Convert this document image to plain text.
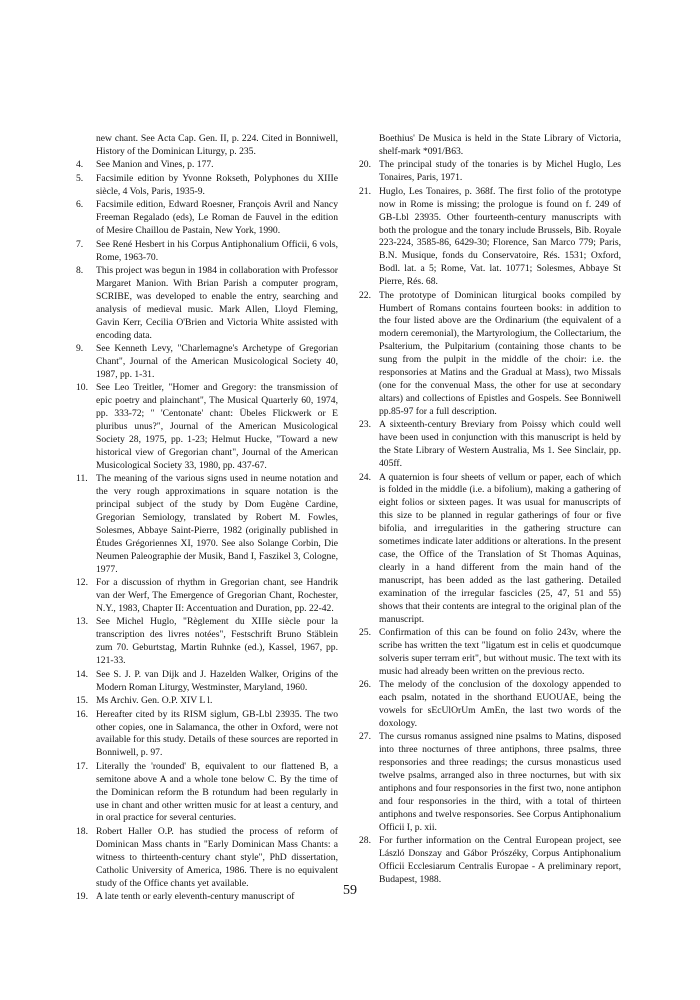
new chant. See Acta Cap. Gen. II, p. 224. Cited in Bonniwell, History of the Dominican Liturgy, p. 235.

4.	See Manion and Vines, p. 177.

5.	Facsimile edition by Yvonne Rokseth, Polyphones du XIIIe siècle, 4 Vols, Paris, 1935-9.

6.	Facsimile edition, Edward Roesner, François Avril and Nancy Freeman Regalado (eds), Le Roman de Fauvel in the edition of Mesire Chaillou de Pastain, New York, 1990.

7.	See René Hesbert in his Corpus Antiphonalium Officii, 6 vols, Rome, 1963-70.

8.	This project was begun in 1984 in collaboration with Professor Margaret Manion. With Brian Parish a computer program, SCRIBE, was developed to enable the entry, searching and analysis of medieval music. Mark Allen, Lloyd Fleming, Gavin Kerr, Cecilia O'Brien and Victoria White assisted with encoding data.

9.	See Kenneth Levy, "Charlemagne's Archetype of Gregorian Chant", Journal of the American Musicological Society 40, 1987, pp. 1-31.

10. See Leo Treitler, "Homer and Gregory: the transmission of epic poetry and plainchant", The Musical Quarterly 60, 1974, pp. 333-72; " 'Centonate' chant: Übeles Flickwerk or E pluribus unus?", Journal of the American Musicological Society 28, 1975, pp. 1-23; Helmut Hucke, "Toward a new historical view of Gregorian chant", Journal of the American Musicological Society 33, 1980, pp. 437-67.

11. The meaning of the various signs used in neume notation and the very rough approximations in square notation is the principal subject of the study by Dom Eugène Cardine, Gregorian Semiology, translated by Robert M. Fowles, Solesmes, Abbaye Saint-Pierre, 1982 (originally published in Études Grégoriennes XI, 1970. See also Solange Corbin, Die Neumen Paleographie der Musik, Band I, Faszikel 3, Cologne, 1977.

12. For a discussion of rhythm in Gregorian chant, see Handrik van der Werf, The Emergence of Gregorian Chant, Rochester, N.Y., 1983, Chapter II: Accentuation and Duration, pp. 22-42.

13. See Michel Huglo, "Règlement du XIIIe siècle pour la transcription des livres notées", Festschrift Bruno Stäblein zum 70. Geburtstag, Martin Ruhnke (ed.), Kassel, 1967, pp. 121-33.

14. See S. J. P. van Dijk and J. Hazelden Walker, Origins of the Modern Roman Liturgy, Westminster, Maryland, 1960.

15. Ms Archiv. Gen. O.P. XIV L l.

16. Hereafter cited by its RISM siglum, GB-Lbl 23935. The two other copies, one in Salamanca, the other in Oxford, were not available for this study. Details of these sources are reported in Bonniwell, p. 97.

17. Literally the 'rounded' B, equivalent to our flattened B, a semitone above A and a whole tone below C. By the time of the Dominican reform the B rotundum had been regularly in use in chant and other written music for at least a century, and in oral practice for several centuries.

18. Robert Haller O.P. has studied the process of reform of Dominican Mass chants in "Early Dominican Mass Chants: a witness to thirteenth-century chant style", PhD dissertation, Catholic University of America, 1986. There is no equivalent study of the Office chants yet available.

19. A late tenth or early eleventh-century manuscript of

Boethius' De Musica is held in the State Library of Victoria, shelf-mark *091/B63.

20. The principal study of the tonaries is by Michel Huglo, Les Tonaires, Paris, 1971.

21. Huglo, Les Tonaires, p. 368f. The first folio of the prototype now in Rome is missing; the prologue is found on f. 249 of GB-Lbl 23935. Other fourteenth-century manuscripts with both the prologue and the tonary include Brussels, Bib. Royale 223-224, 3585-86, 6429-30; Florence, San Marco 779; Paris, B.N. Musique, fonds du Conservatoire, Rés. 1531; Oxford, Bodl. lat. a 5; Rome, Vat. lat. 10771; Solesmes, Abbaye St Pierre, Rés. 68.

22. The prototype of Dominican liturgical books compiled by Humbert of Romans contains fourteen books: in addition to the four listed above are the Ordinarium (the equivalent of a modern ceremonial), the Martyrologium, the Collectarium, the Psalterium, the Pulpitarium (containing those chants to be sung from the pulpit in the middle of the choir: i.e. the responsories at Matins and the Gradual at Mass), two Missals (one for the convenual Mass, the other for use at secondary altars) and collections of Epistles and Gospels. See Bonniwell pp.85-97 for a full description.

23. A sixteenth-century Breviary from Poissy which could well have been used in conjunction with this manuscript is held by the State Library of Western Australia, Ms 1. See Sinclair, pp. 405ff.

24. A quaternion is four sheets of vellum or paper, each of which is folded in the middle (i.e. a bifolium), making a gathering of eight folios or sixteen pages. It was usual for manuscripts of this size to be planned in regular gatherings of four or five bifolia, and irregularities in the gathering structure can sometimes indicate later additions or alterations. In the present case, the Office of the Translation of St Thomas Aquinas, clearly in a hand different from the main hand of the manuscript, has been added as the last gathering. Detailed examination of the irregular fascicles (25, 47, 51 and 55) shows that their contents are integral to the original plan of the manuscript.

25. Confirmation of this can be found on folio 243v, where the scribe has written the text "ligatum est in celis et quodcumque solveris super terram erit", but without music. The text with its music had already been written on the previous recto.

26. The melody of the conclusion of the doxology appended to each psalm, notated in the shorthand EUOUAE, being the vowels for sEcUlOrUm AmEn, the last two words of the doxology.

27. The cursus romanus assigned nine psalms to Matins, disposed into three nocturnes of three antiphons, three psalms, three responsories and three readings; the cursus monasticus used twelve psalms, arranged also in three nocturnes, but with six antiphons and four responsories in the first two, none antiphon and four responsories in the third, with a total of thirteen antiphons and twelve responsories. See Corpus Antiphonalium Officii I, p. xii.

28. For further information on the Central European project, see László Donszay and Gábor Prószéky, Corpus Antiphonalium Officii Ecclesiarum Centralis Europae - A preliminary report, Budapest, 1988.

59
